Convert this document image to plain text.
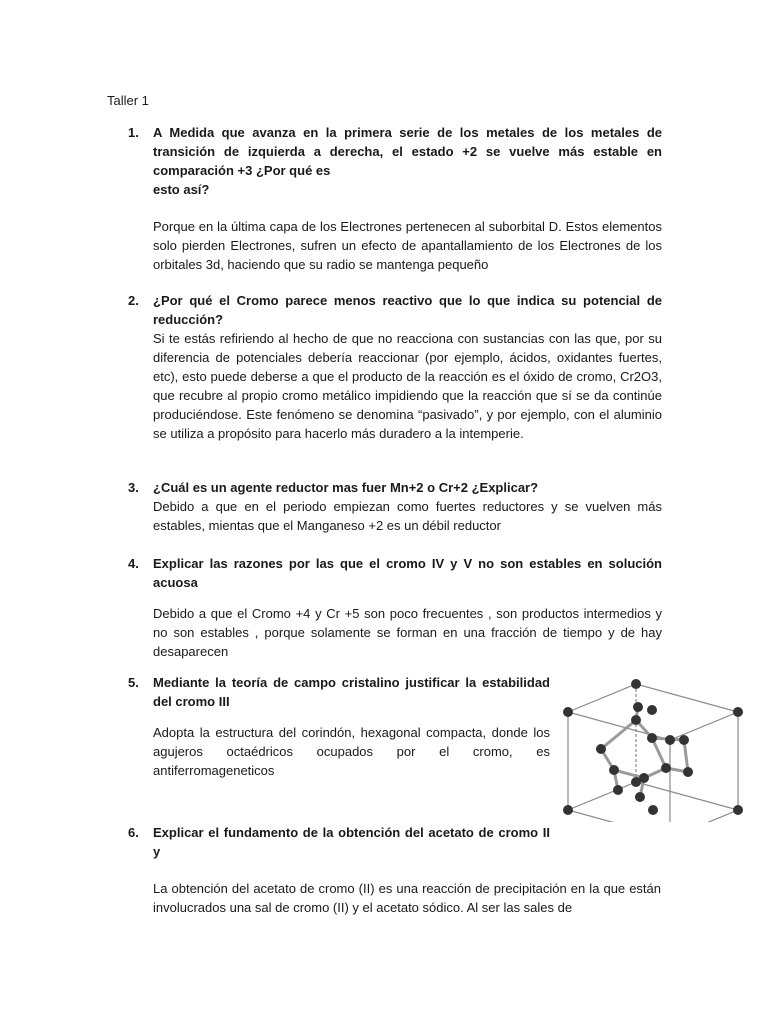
Taller 1
1. A Medida que avanza en la primera serie de los metales de los metales de transición de izquierda a derecha, el estado +2 se vuelve más estable en comparación +3 ¿Por qué es
esto así?
Porque en la última capa de los Electrones pertenecen al suborbital D. Estos elementos solo pierden Electrones, sufren un efecto de apantallamiento de los Electrones de los orbitales 3d, haciendo que su radio se mantenga pequeño
2. ¿Por qué el Cromo parece menos reactivo que lo que indica su potencial de reducción?
Si te estás refiriendo al hecho de que no reacciona con sustancias con las que, por su diferencia de potenciales debería reaccionar (por ejemplo, ácidos, oxidantes fuertes, etc), esto puede deberse a que el producto de la reacción es el óxido de cromo, Cr2O3, que recubre al propio cromo metálico impidiendo que la reacción que sí se da continúe produciéndose. Este fenómeno se denomina “pasivado”, y por ejemplo, con el aluminio se utiliza a propósito para hacerlo más duradero a la intemperie.
3. ¿Cuál es un agente reductor mas fuer Mn+2 o Cr+2 ¿Explicar?
Debido a que en el periodo empiezan como fuertes reductores y se vuelven más estables, mientas que el Manganeso +2 es un débil reductor
4. Explicar las razones por las que el cromo IV y V no son estables en solución acuosa
Debido a que el Cromo +4 y Cr +5 son poco frecuentes , son productos intermedios y no son estables , porque solamente se forman en una fracción de tiempo y de hay desaparecen
5. Mediante la teoría de campo cristalino justificar la estabilidad del cromo III
Adopta la estructura del corindón, hexagonal compacta, donde los agujeros octaédricos ocupados por el cromo, es antiferromageneticos
6. Explicar el fundamento de la obtención del acetato de cromo II y
La obtención del acetato de cromo (II) es una reacción de precipitación en la que están involucrados una sal de cromo (II) y el acetato sódico. Al ser las sales de
